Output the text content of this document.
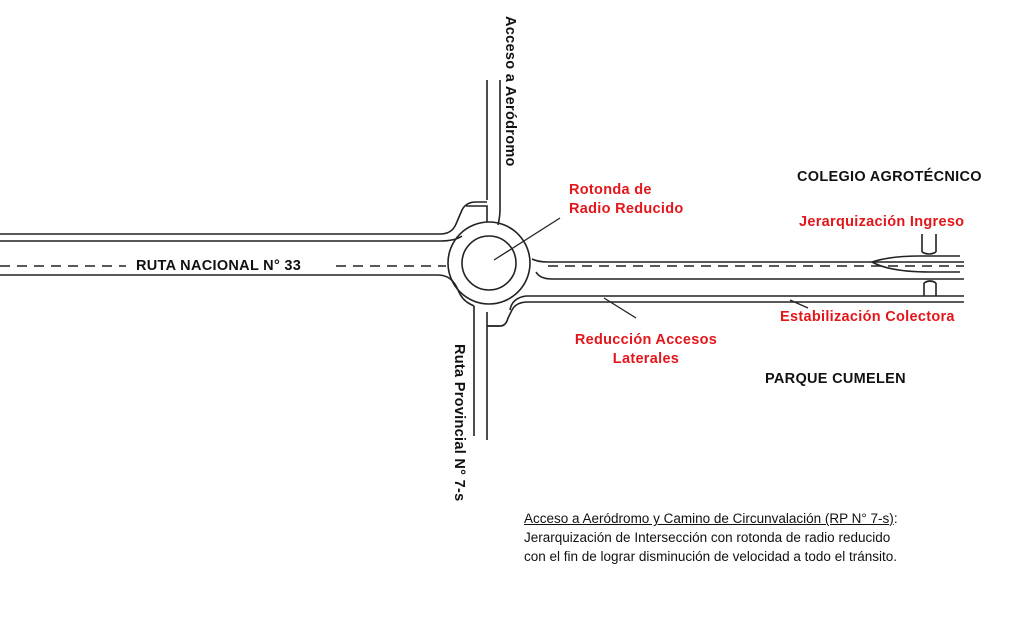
Acceso a Aeródromo
Ruta Provincial N° 7-s
RUTA NACIONAL N° 33
COLEGIO AGROTÉCNICO
PARQUE CUMELEN
Rotonda de
Radio Reducido
Jerarquización Ingreso
Estabilización Colectora
Reducción Accesos
Laterales
Acceso a Aeródromo y Camino de Circunvalación (RP N° 7-s):
Jerarquización de Intersección con rotonda de radio reducido
con el fin de lograr disminución de velocidad a todo el tránsito.
